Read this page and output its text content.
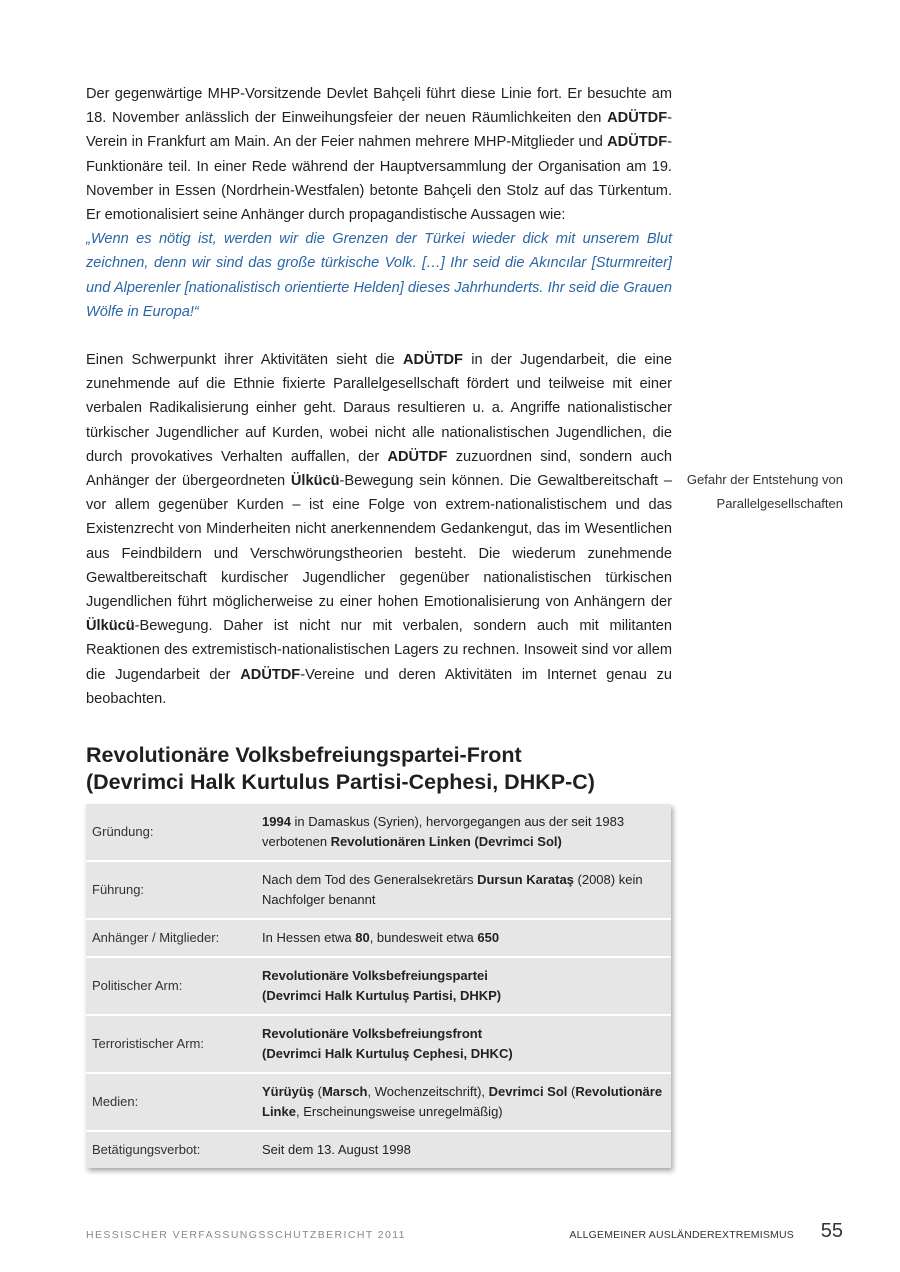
Der gegenwärtige MHP-Vorsitzende Devlet Bahçeli führt diese Linie fort. Er besuchte am 18. November anlässlich der Einweihungsfeier der neuen Räumlichkeiten den ADÜTDF-Verein in Frankfurt am Main. An der Feier nahmen mehrere MHP-Mitglieder und ADÜTDF-Funktionäre teil. In einer Rede während der Hauptversammlung der Organisation am 19. November in Essen (Nordrhein-Westfalen) betonte Bahçeli den Stolz auf das Türkentum. Er emotionalisiert seine Anhänger durch propagandistische Aussagen wie:
„Wenn es nötig ist, werden wir die Grenzen der Türkei wieder dick mit unserem Blut zeichnen, denn wir sind das große türkische Volk. […] Ihr seid die Akıncılar [Sturmreiter] und Alperenler [nationalistisch orientierte Helden] dieses Jahrhunderts. Ihr seid die Grauen Wölfe in Europa!“

Einen Schwerpunkt ihrer Aktivitäten sieht die ADÜTDF in der Jugendarbeit, die eine zunehmende auf die Ethnie fixierte Parallelgesellschaft fördert und teilweise mit einer verbalen Radikalisierung einher geht. Daraus resultieren u. a. Angriffe nationalistischer türkischer Jugendlicher auf Kurden, wobei nicht alle nationalistischen Jugendlichen, die durch provokatives Verhalten auffallen, der ADÜTDF zuzuordnen sind, sondern auch Anhänger der übergeordneten Ülkücü-Bewegung sein können. Die Gewaltbereitschaft – vor allem gegenüber Kurden – ist eine Folge von extrem-nationalistischem und das Existenzrecht von Minderheiten nicht anerkennendem Gedankengut, das im Wesentlichen aus Feindbildern und Verschwörungstheorien besteht. Die wiederum zunehmende Gewaltbereitschaft kurdischer Jugendlicher gegenüber nationalistischen türkischen Jugendlichen führt möglicherweise zu einer hohen Emotionalisierung von Anhängern der Ülkücü-Bewegung. Daher ist nicht nur mit verbalen, sondern auch mit militanten Reaktionen des extremistisch-nationalistischen Lagers zu rechnen. Insoweit sind vor allem die Jugendarbeit der ADÜTDF-Vereine und deren Aktivitäten im Internet genau zu beobachten.

Gefahr der Entstehung von
Parallelgesellschaften
Revolutionäre Volksbefreiungspartei-Front
(Devrimci Halk Kurtulus Partisi-Cephesi, DHKP-C)
Gründung:	1994 in Damaskus (Syrien), hervorgegangen aus der seit 1983 verbotenen Revolutionären Linken (Devrimci Sol)
Führung:	Nach dem Tod des Generalsekretärs Dursun Karataş (2008) kein Nachfolger benannt
Anhänger / Mitglieder:	In Hessen etwa 80, bundesweit etwa 650
Politischer Arm:	Revolutionäre Volksbefreiungspartei
(Devrimci Halk Kurtuluş Partisi, DHKP)
Terroristischer Arm:	Revolutionäre Volksbefreiungsfront
(Devrimci Halk Kurtuluş Cephesi, DHKC)
Medien:	Yürüyüş (Marsch, Wochenzeitschrift), Devrimci Sol (Revolutionäre Linke, Erscheinungsweise unregelmäßig)
Betätigungsverbot:	Seit dem 13. August 1998
HESSISCHER VERFASSUNGSSCHUTZBERICHT 2011	ALLGEMEINER AUSLÄNDEREXTREMISMUS 55
